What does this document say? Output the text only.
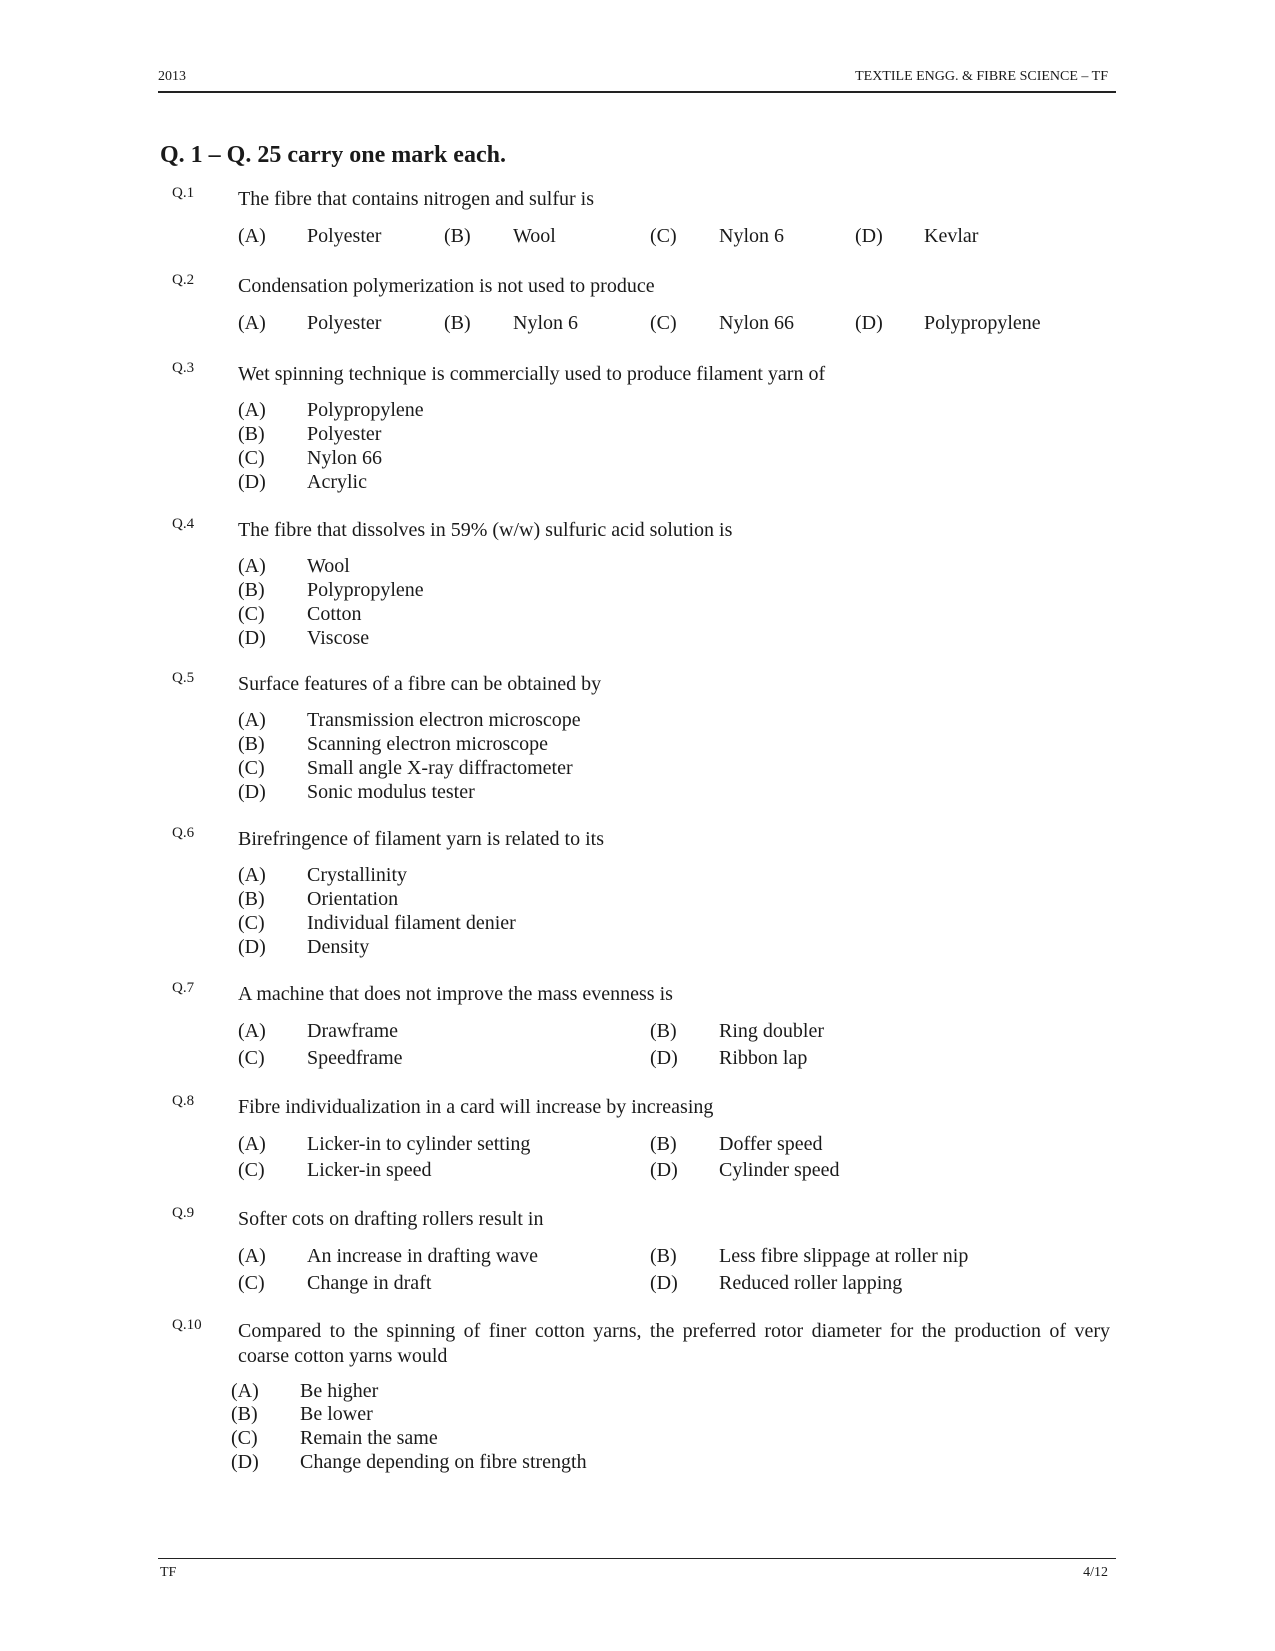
2013	TEXTILE ENGG. & FIBRE SCIENCE – TF
Q. 1 – Q. 25 carry one mark each.
Q.1 The fibre that contains nitrogen and sulfur is
(A) Polyester	(B) Wool	(C) Nylon 6	(D) Kevlar
Q.2 Condensation polymerization is not used to produce
(A) Polyester	(B) Nylon 6	(C) Nylon 66	(D) Polypropylene
Q.3 Wet spinning technique is commercially used to produce filament yarn of
(A) Polypropylene
(B) Polyester
(C) Nylon 66
(D) Acrylic
Q.4 The fibre that dissolves in 59% (w/w) sulfuric acid solution is
(A) Wool
(B) Polypropylene
(C) Cotton
(D) Viscose
Q.5 Surface features of a fibre can be obtained by
(A) Transmission electron microscope
(B) Scanning electron microscope
(C) Small angle X-ray diffractometer
(D) Sonic modulus tester
Q.6 Birefringence of filament yarn is related to its
(A) Crystallinity
(B) Orientation
(C) Individual filament denier
(D) Density
Q.7 A machine that does not improve the mass evenness is
(A) Drawframe	(B) Ring doubler
(C) Speedframe	(D) Ribbon lap
Q.8 Fibre individualization in a card will increase by increasing
(A) Licker-in to cylinder setting	(B) Doffer speed
(C) Licker-in speed	(D) Cylinder speed
Q.9 Softer cots on drafting rollers result in
(A) An increase in drafting wave	(B) Less fibre slippage at roller nip
(C) Change in draft	(D) Reduced roller lapping
Q.10 Compared to the spinning of finer cotton yarns, the preferred rotor diameter for the production of very coarse cotton yarns would
(A) Be higher
(B) Be lower
(C) Remain the same
(D) Change depending on fibre strength
TF	4/12
